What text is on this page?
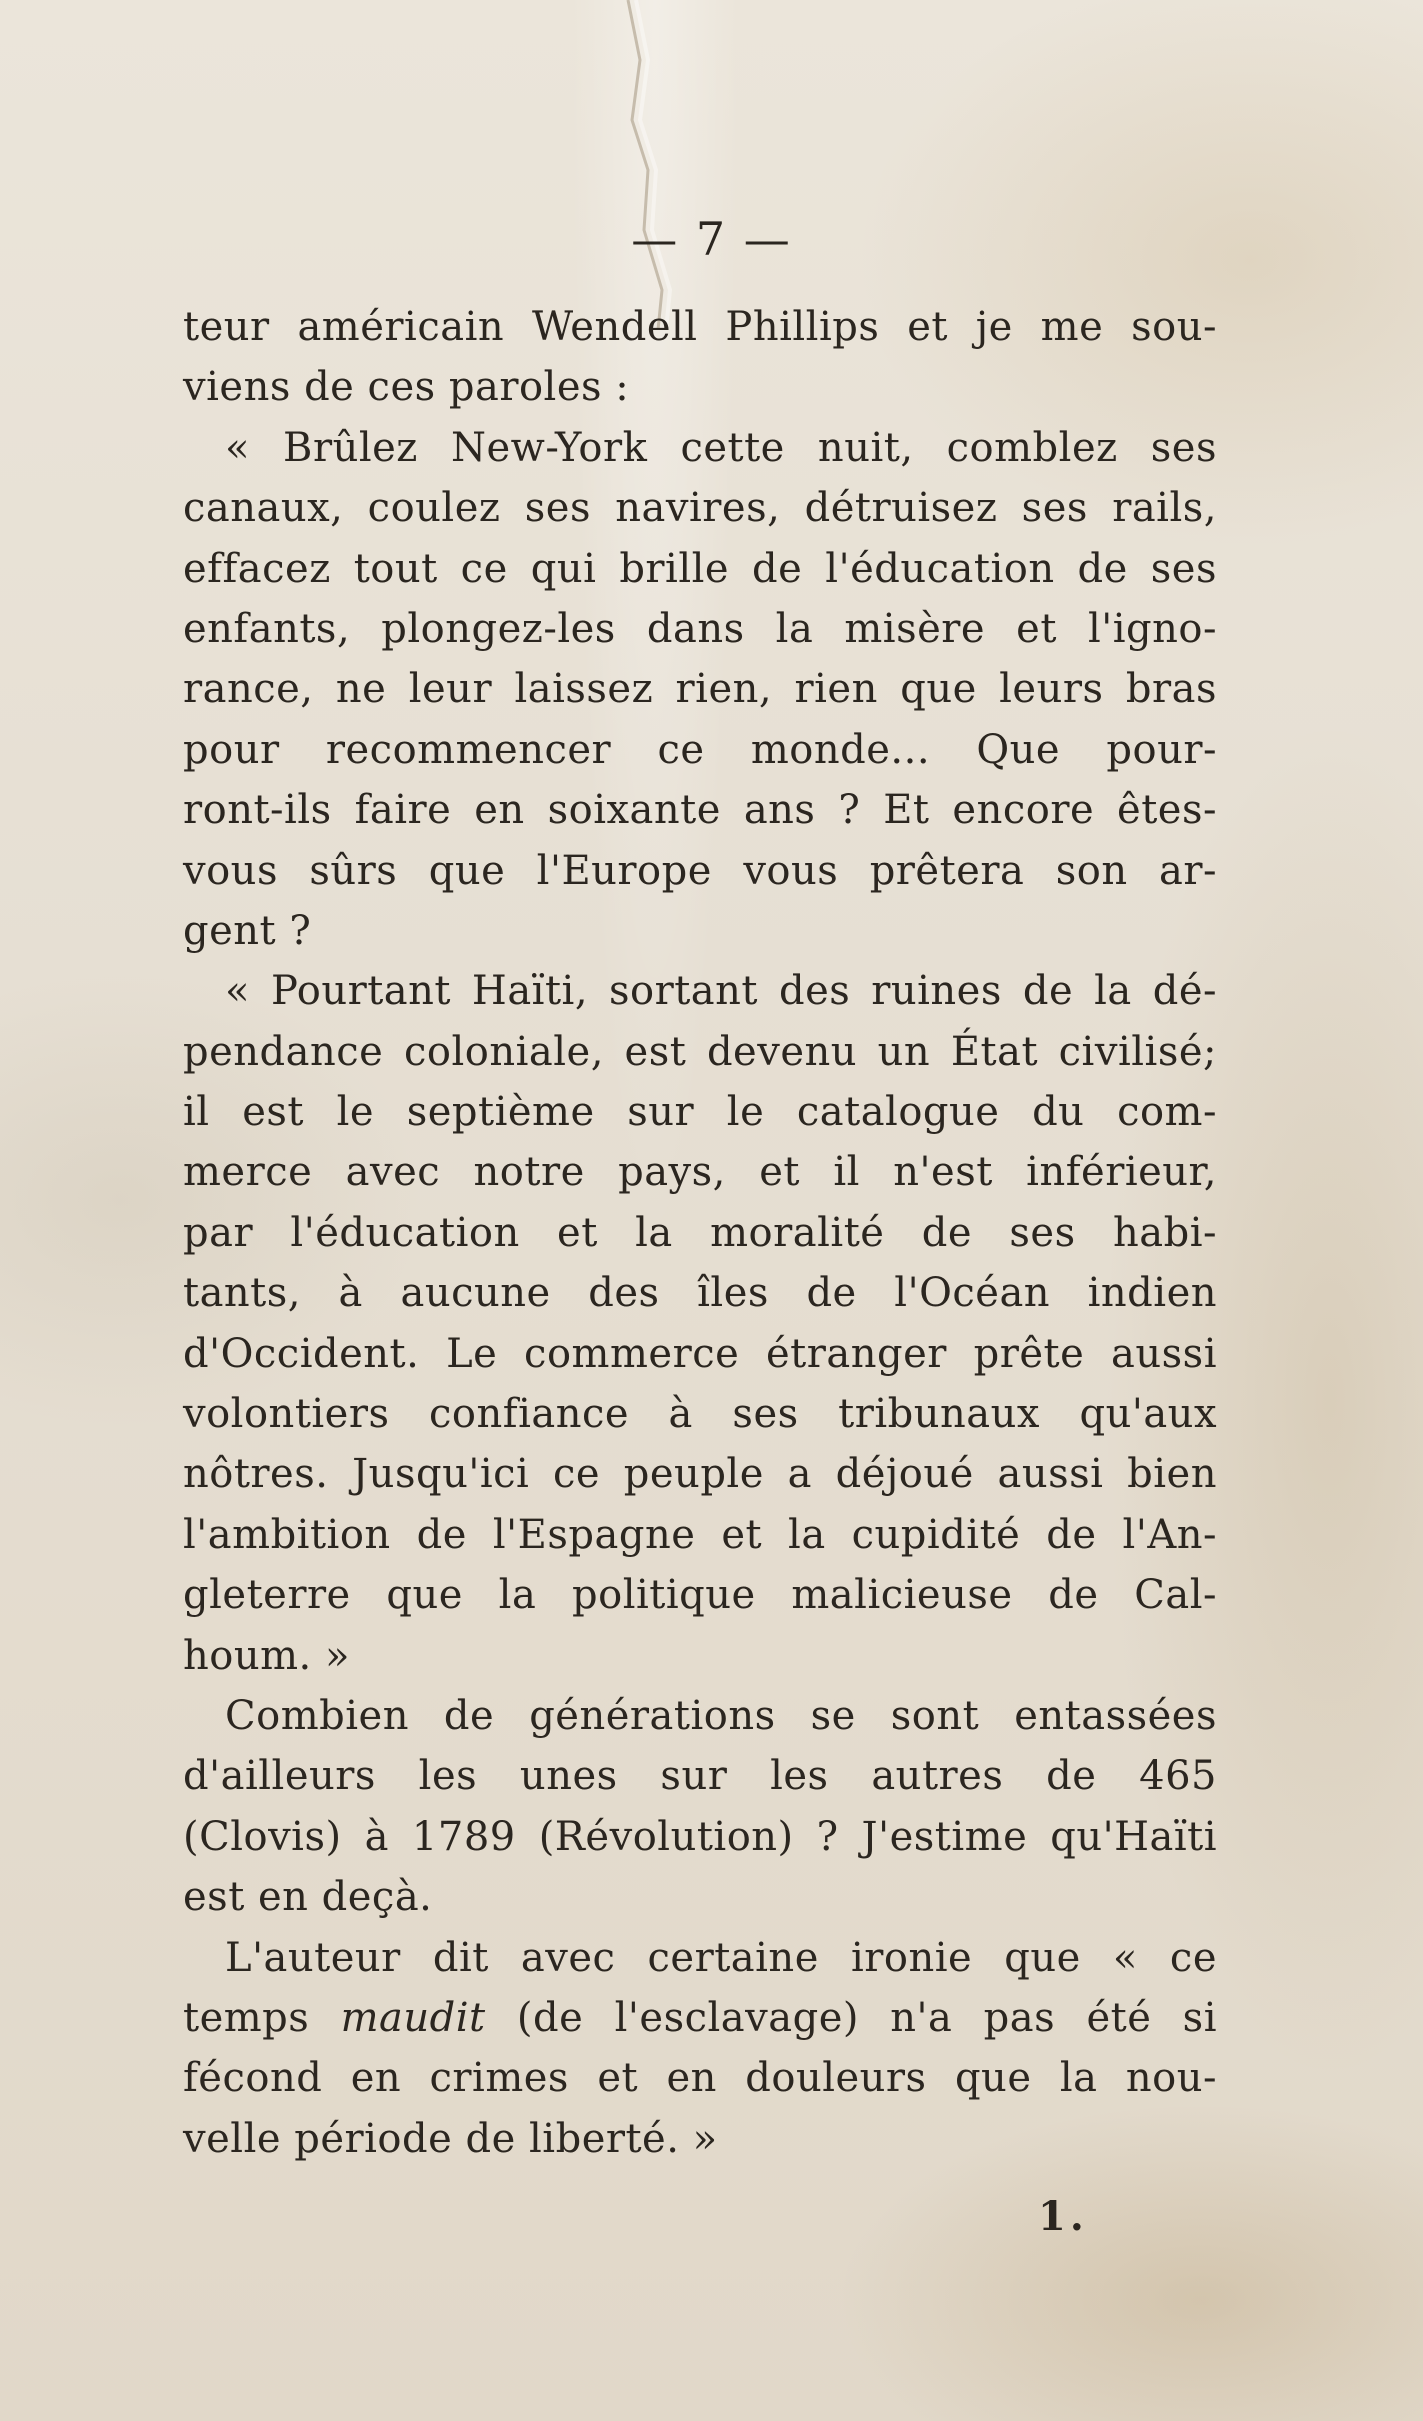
— 7 —
teur américain Wendell Phillips et je me sou-
viens de ces paroles :
« Brûlez New-York cette nuit, comblez ses
canaux, coulez ses navires, détruisez ses rails,
effacez tout ce qui brille de l'éducation de ses
enfants, plongez-les dans la misère et l'igno-
rance, ne leur laissez rien, rien que leurs bras
pour recommencer ce monde... Que pour-
ront-ils faire en soixante ans ? Et encore êtes-
vous sûrs que l'Europe vous prêtera son ar-
gent ?
« Pourtant Haïti, sortant des ruines de la dé-
pendance coloniale, est devenu un État civilisé;
il est le septième sur le catalogue du com-
merce avec notre pays, et il n'est inférieur,
par l'éducation et la moralité de ses habi-
tants, à aucune des îles de l'Océan indien
d'Occident. Le commerce étranger prête aussi
volontiers confiance à ses tribunaux qu'aux
nôtres. Jusqu'ici ce peuple a déjoué aussi bien
l'ambition de l'Espagne et la cupidité de l'An-
gleterre que la politique malicieuse de Cal-
houm. »
Combien de générations se sont entassées
d'ailleurs les unes sur les autres de 465
(Clovis) à 1789 (Révolution) ? J'estime qu'Haïti
est en deçà.
L'auteur dit avec certaine ironie que « ce
temps maudit (de l'esclavage) n'a pas été si
fécond en crimes et en douleurs que la nou-
velle période de liberté. »
1.
